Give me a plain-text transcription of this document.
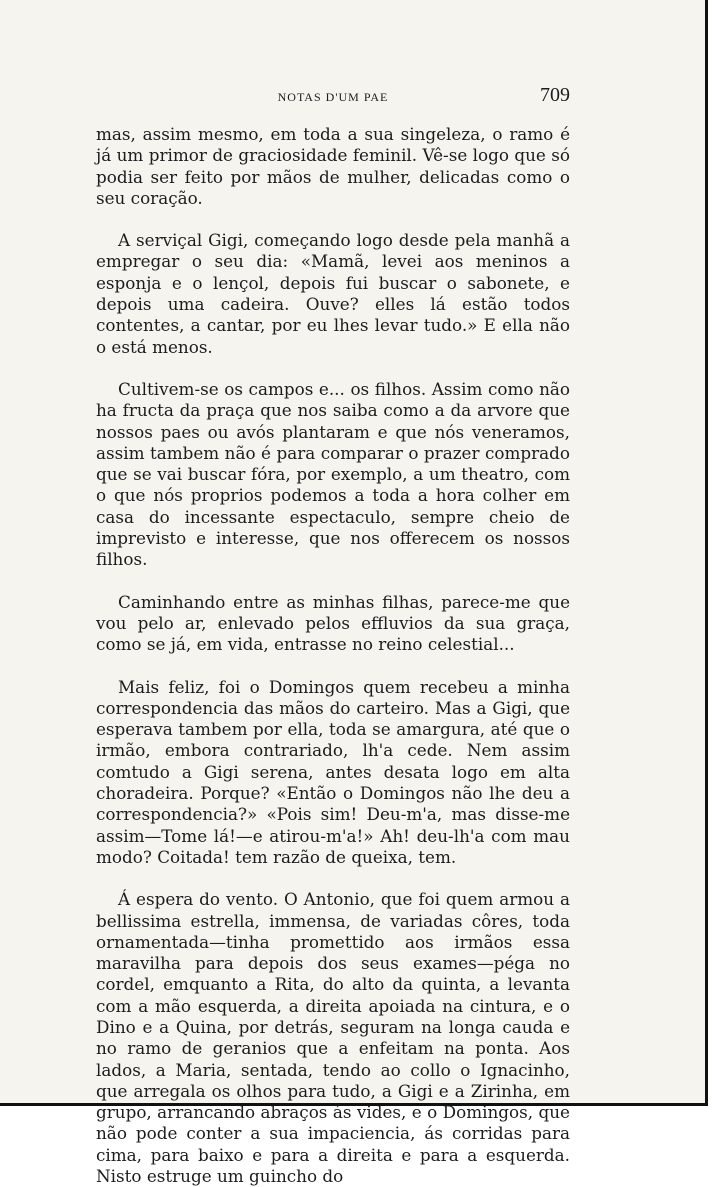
NOTAS D'UM PAE	709

mas, assim mesmo, em toda a sua singeleza, o ramo é já um primor de graciosidade feminil. Vê-se logo que só podia ser feito por mãos de mulher, delicadas como o seu coração.

A serviçal Gigi, começando logo desde pela manhã a empregar o seu dia: «Mamã, levei aos meninos a esponja e o lençol, depois fui buscar o sabonete, e depois uma cadeira. Ouve? elles lá estão todos contentes, a cantar, por eu lhes levar tudo.» E ella não o está menos.

Cultivem-se os campos e... os filhos. Assim como não ha fructa da praça que nos saiba como a da arvore que nossos paes ou avós plantaram e que nós veneramos, assim tambem não é para comparar o prazer comprado que se vai buscar fóra, por exemplo, a um theatro, com o que nós proprios podemos a toda a hora colher em casa do incessante espectaculo, sempre cheio de imprevisto e interesse, que nos offerecem os nossos filhos.

Caminhando entre as minhas filhas, parece-me que vou pelo ar, enlevado pelos effluvios da sua graça, como se já, em vida, entrasse no reino celestial...

Mais feliz, foi o Domingos quem recebeu a minha correspondencia das mãos do carteiro. Mas a Gigi, que esperava tambem por ella, toda se amargura, até que o irmão, embora contrariado, lh'a cede. Nem assim comtudo a Gigi serena, antes desata logo em alta choradeira. Porque? «Então o Domingos não lhe deu a correspondencia?» «Pois sim! Deu-m'a, mas disse-me assim—Tome lá!—e atirou-m'a!» Ah! deu-lh'a com mau modo? Coitada! tem razão de queixa, tem.

Á espera do vento. O Antonio, que foi quem armou a bellissima estrella, immensa, de variadas côres, toda ornamentada—tinha promettido aos irmãos essa maravilha para depois dos seus exames—péga no cordel, emquanto a Rita, do alto da quinta, a levanta com a mão esquerda, a direita apoiada na cintura, e o Dino e a Quina, por detrás, seguram na longa cauda e no ramo de geranios que a enfeitam na ponta. Aos lados, a Maria, sentada, tendo ao collo o Ignacinho, que arregala os olhos para tudo, a Gigi e a Zirinha, em grupo, arrancando abraços ás vides, e o Domingos, que não pode conter a sua impaciencia, ás corridas para cima, para baixo e para a direita e para a esquerda. Nisto estruge um guincho do
